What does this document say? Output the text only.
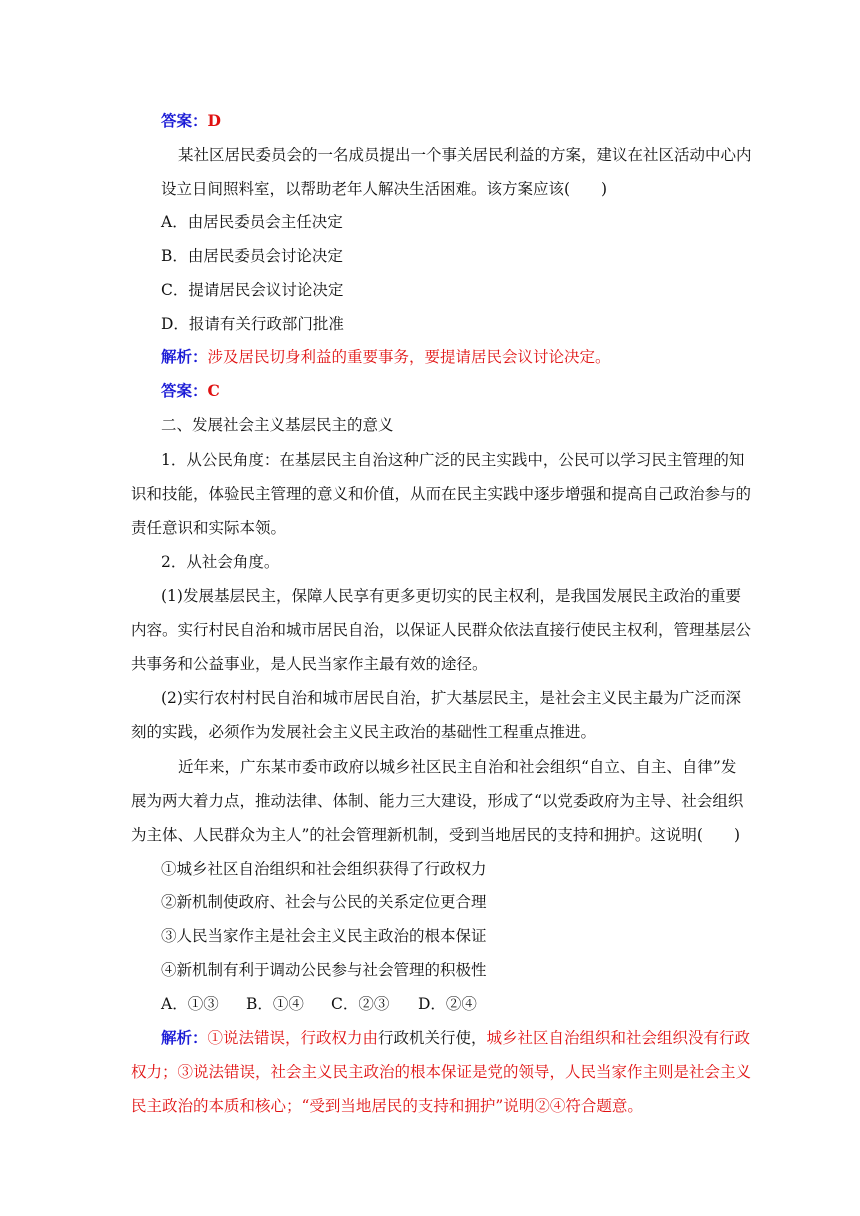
答案：D
某社区居民委员会的一名成员提出一个事关居民利益的方案，建议在社区活动中心内
设立日间照料室，以帮助老年人解决生活困难。该方案应该(　　)
A．由居民委员会主任决定
B．由居民委员会讨论决定
C．提请居民会议讨论决定
D．报请有关行政部门批准
解析：涉及居民切身利益的重要事务，要提请居民会议讨论决定。
答案：C
二、发展社会主义基层民主的意义
1．从公民角度：在基层民主自治这种广泛的民主实践中，公民可以学习民主管理的知
识和技能，体验民主管理的意义和价值，从而在民主实践中逐步增强和提高自己政治参与的
责任意识和实际本领。
2．从社会角度。
(1)发展基层民主，保障人民享有更多更切实的民主权利，是我国发展民主政治的重要
内容。实行村民自治和城市居民自治，以保证人民群众依法直接行使民主权利，管理基层公
共事务和公益事业，是人民当家作主最有效的途径。
(2)实行农村村民自治和城市居民自治，扩大基层民主，是社会主义民主最为广泛而深
刻的实践，必须作为发展社会主义民主政治的基础性工程重点推进。
近年来，广东某市委市政府以城乡社区民主自治和社会组织“自立、自主、自律”发
展为两大着力点，推动法律、体制、能力三大建设，形成了“以党委政府为主导、社会组织
为主体、人民群众为主人”的社会管理新机制，受到当地居民的支持和拥护。这说明(　　)
①城乡社区自治组织和社会组织获得了行政权力
②新机制使政府、社会与公民的关系定位更合理
③人民当家作主是社会主义民主政治的根本保证
④新机制有利于调动公民参与社会管理的积极性
A．①③ B．①④ C．②③ D．②④
解析：①说法错误，行政权力由行政机关行使，城乡社区自治组织和社会组织没有行政
权力；③说法错误，社会主义民主政治的根本保证是党的领导，人民当家作主则是社会主义
民主政治的本质和核心；“受到当地居民的支持和拥护”说明②④符合题意。
